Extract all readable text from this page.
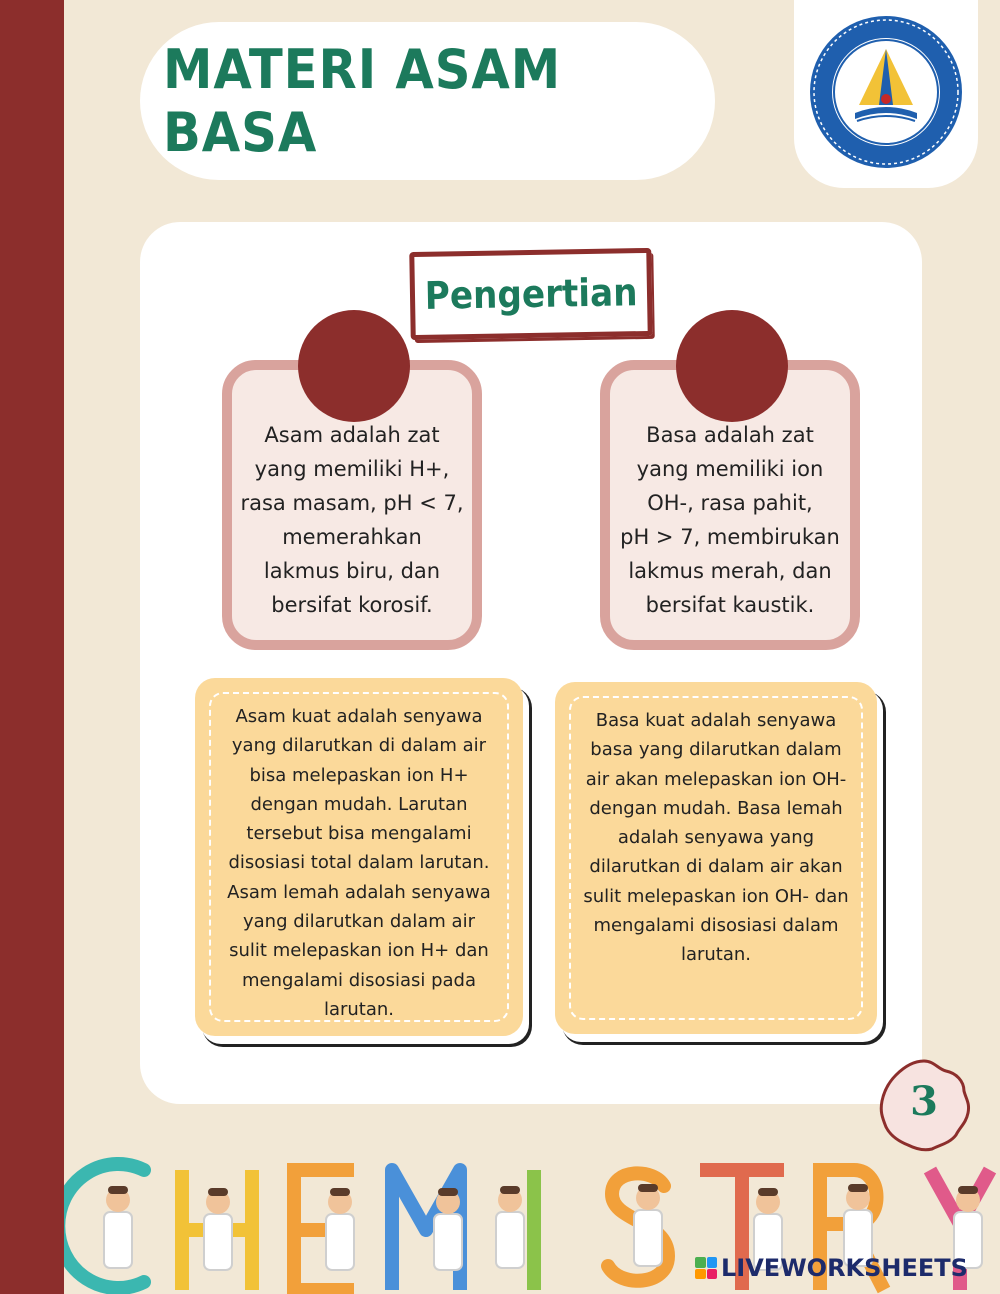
MATERI ASAM BASA
Pengertian

Asam adalah zat
yang memiliki H+,
rasa masam, pH < 7,
memerahkan
lakmus biru, dan
bersifat korosif.

Basa adalah zat
yang memiliki ion
OH-, rasa pahit,
pH > 7, membirukan
lakmus merah, dan
bersifat kaustik.

Asam kuat adalah senyawa
yang dilarutkan di dalam air
bisa melepaskan ion H+
dengan mudah. Larutan
tersebut bisa mengalami
disosiasi total dalam larutan.
Asam lemah adalah senyawa
yang dilarutkan dalam air
sulit melepaskan ion H+ dan
mengalami disosiasi pada
larutan.

Basa kuat adalah senyawa
basa yang dilarutkan dalam
air akan melepaskan ion OH-
dengan mudah. Basa lemah
adalah senyawa yang
dilarutkan di dalam air akan
sulit melepaskan ion OH- dan
mengalami disosiasi dalam
larutan.

3
LIVEWORKSHEETS
